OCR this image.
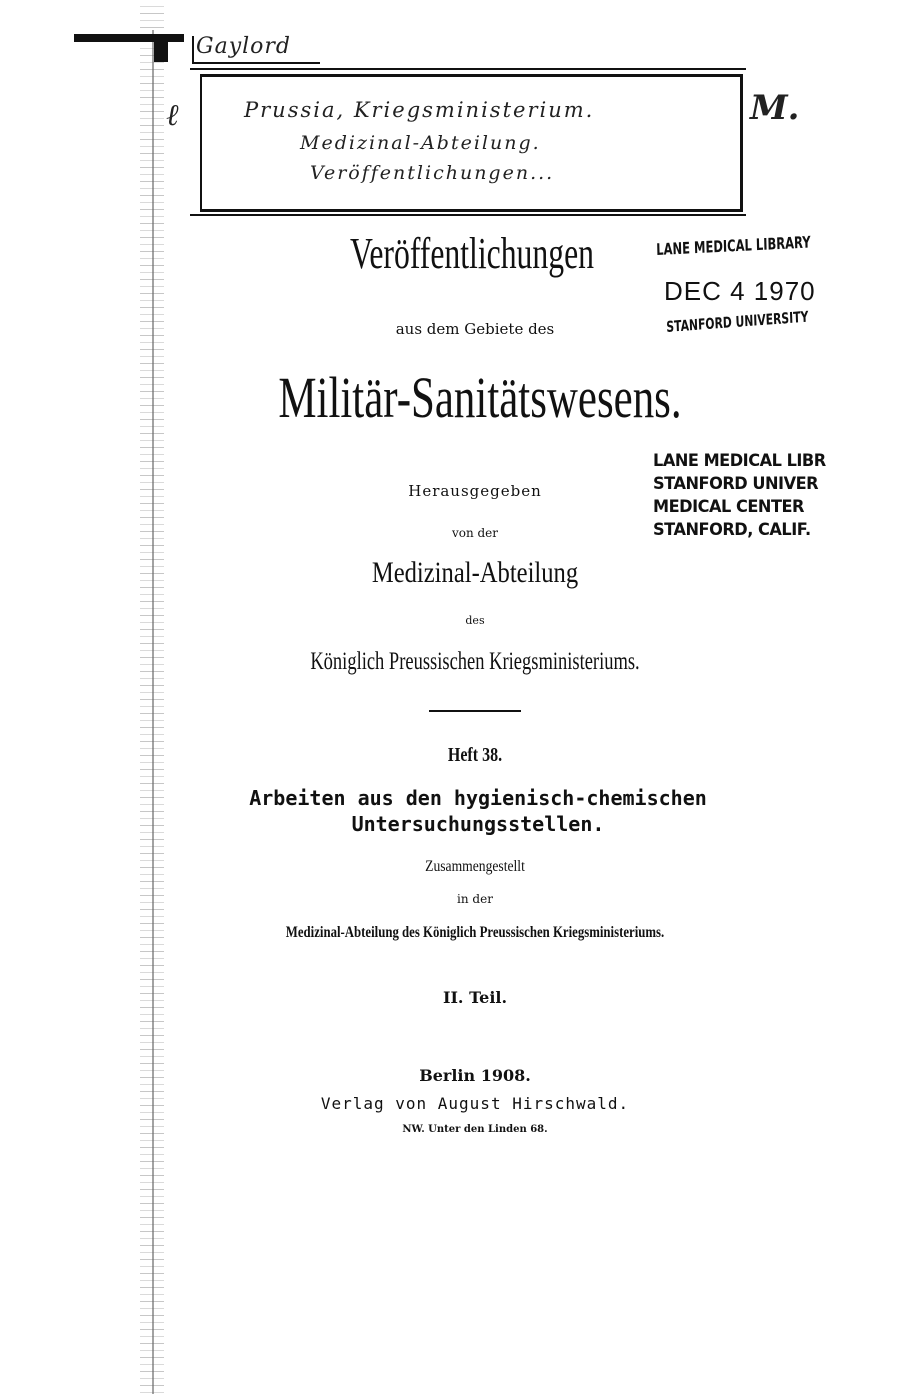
Gaylord
ℓ	Prussia, Kriegsministerium.
Medizinal-Abteilung.
Veröffentlichungen...
M.
Veröffentlichungen
aus dem Gebiete des
Militär-Sanitätswesens.
Herausgegeben
von der
Medizinal-Abteilung
des
Königlich Preussischen Kriegsministeriums.
Heft 38.
Arbeiten aus den hygienisch-chemischen
Untersuchungsstellen.
Zusammengestellt
in der
Medizinal-Abteilung des Königlich Preussischen Kriegsministeriums.
II. Teil.
Berlin 1908.
Verlag von August Hirschwald.
NW. Unter den Linden 68.
LANE MEDICAL LIBRARY
DEC 4 1970
STANFORD UNIVERSITY
LANE MEDICAL LIBR
STANFORD UNIVER
MEDICAL CENTER
STANFORD, CALIF.
